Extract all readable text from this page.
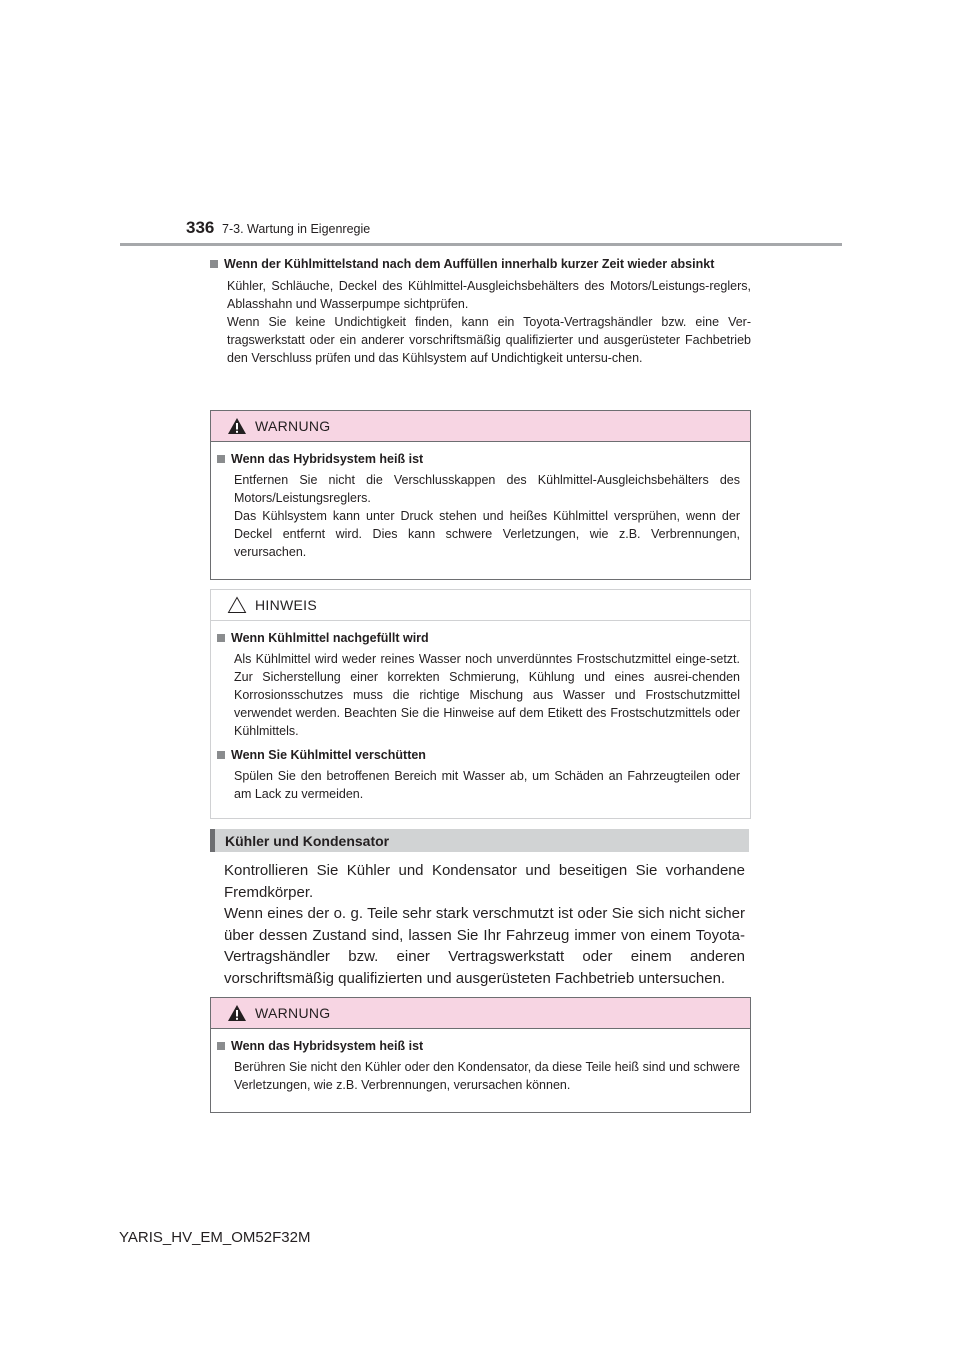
336 7-3. Wartung in Eigenregie
Wenn der Kühlmittelstand nach dem Auffüllen innerhalb kurzer Zeit wieder absinkt
Kühler, Schläuche, Deckel des Kühlmittel-Ausgleichsbehälters des Motors/Leistungs-reglers, Ablasshahn und Wasserpumpe sichtprüfen.
Wenn Sie keine Undichtigkeit finden, kann ein Toyota-Vertragshändler bzw. eine Ver-tragswerkstatt oder ein anderer vorschriftsmäßig qualifizierter und ausgerüsteter Fachbetrieb den Verschluss prüfen und das Kühlsystem auf Undichtigkeit untersu-chen.
WARNUNG
Wenn das Hybridsystem heiß ist
Entfernen Sie nicht die Verschlusskappen des Kühlmittel-Ausgleichsbehälters des Motors/Leistungsreglers.
Das Kühlsystem kann unter Druck stehen und heißes Kühlmittel versprühen, wenn der Deckel entfernt wird. Dies kann schwere Verletzungen, wie z.B. Verbrennungen, verursachen.
HINWEIS
Wenn Kühlmittel nachgefüllt wird
Als Kühlmittel wird weder reines Wasser noch unverdünntes Frostschutzmittel einge-setzt. Zur Sicherstellung einer korrekten Schmierung, Kühlung und eines ausrei-chenden Korrosionsschutzes muss die richtige Mischung aus Wasser und Frostschutzmittel verwendet werden. Beachten Sie die Hinweise auf dem Etikett des Frostschutzmittels oder Kühlmittels.
Wenn Sie Kühlmittel verschütten
Spülen Sie den betroffenen Bereich mit Wasser ab, um Schäden an Fahrzeugteilen oder am Lack zu vermeiden.
Kühler und Kondensator

Kontrollieren Sie Kühler und Kondensator und beseitigen Sie vorhandene Fremdkörper.

Wenn eines der o. g. Teile sehr stark verschmutzt ist oder Sie sich nicht sicher über dessen Zustand sind, lassen Sie Ihr Fahrzeug immer von einem Toyota-Vertragshändler bzw. einer Vertragswerkstatt oder einem anderen vorschriftsmäßig qualifizierten und ausgerüsteten Fachbetrieb untersuchen.

WARNUNG
Wenn das Hybridsystem heiß ist
Berühren Sie nicht den Kühler oder den Kondensator, da diese Teile heiß sind und schwere Verletzungen, wie z.B. Verbrennungen, verursachen können.
YARIS_HV_EM_OM52F32M
